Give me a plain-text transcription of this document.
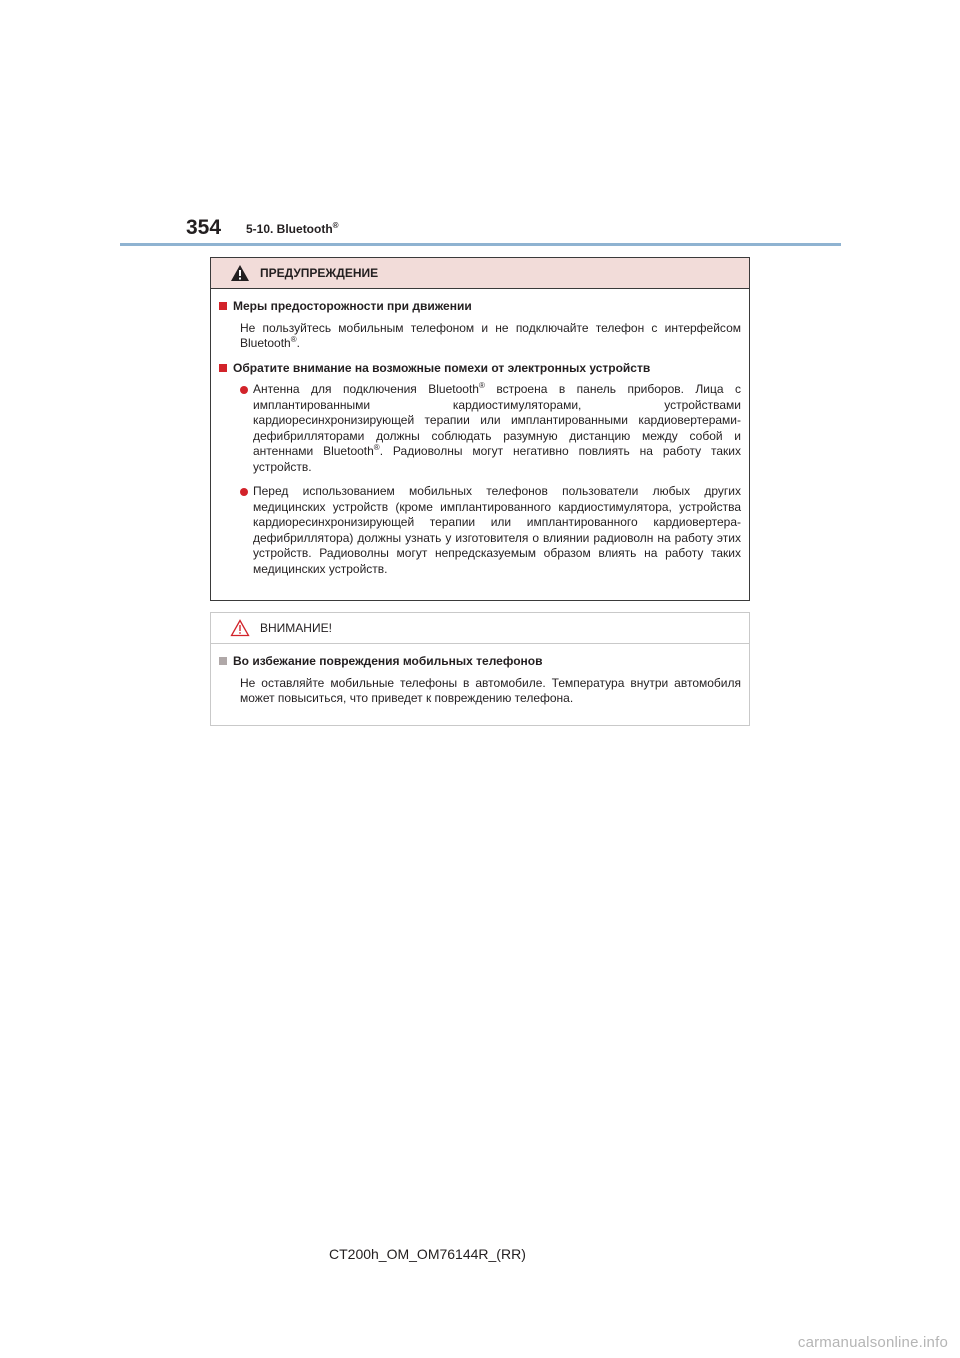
354 5-10. Bluetooth®
ПРЕДУПРЕЖДЕНИЕ
Меры предосторожности при движении
Не пользуйтесь мобильным телефоном и не подключайте телефон с интерфейсом Bluetooth®.
Обратите внимание на возможные помехи от электронных устройств
Антенна для подключения Bluetooth® встроена в панель приборов. Лица с имплантированными кардиостимуляторами, устройствами кардиоресинхронизирующей терапии или имплантированными кардиовертерами-дефибрилляторами должны соблюдать разумную дистанцию между собой и антеннами Bluetooth®. Радиоволны могут негативно повлиять на работу таких устройств.
Перед использованием мобильных телефонов пользователи любых других медицинских устройств (кроме имплантированного кардиостимулятора, устройства кардиоресинхронизирующей терапии или имплантированного кардиовертера-дефибриллятора) должны узнать у изготовителя о влиянии радиоволн на работу этих устройств. Радиоволны могут непредсказуемым образом влиять на работу таких медицинских устройств.
ВНИМАНИЕ!
Во избежание повреждения мобильных телефонов
Не оставляйте мобильные телефоны в автомобиле. Температура внутри автомобиля может повыситься, что приведет к повреждению телефона.
CT200h_OM_OM76144R_(RR)
carmanualsonline.info
